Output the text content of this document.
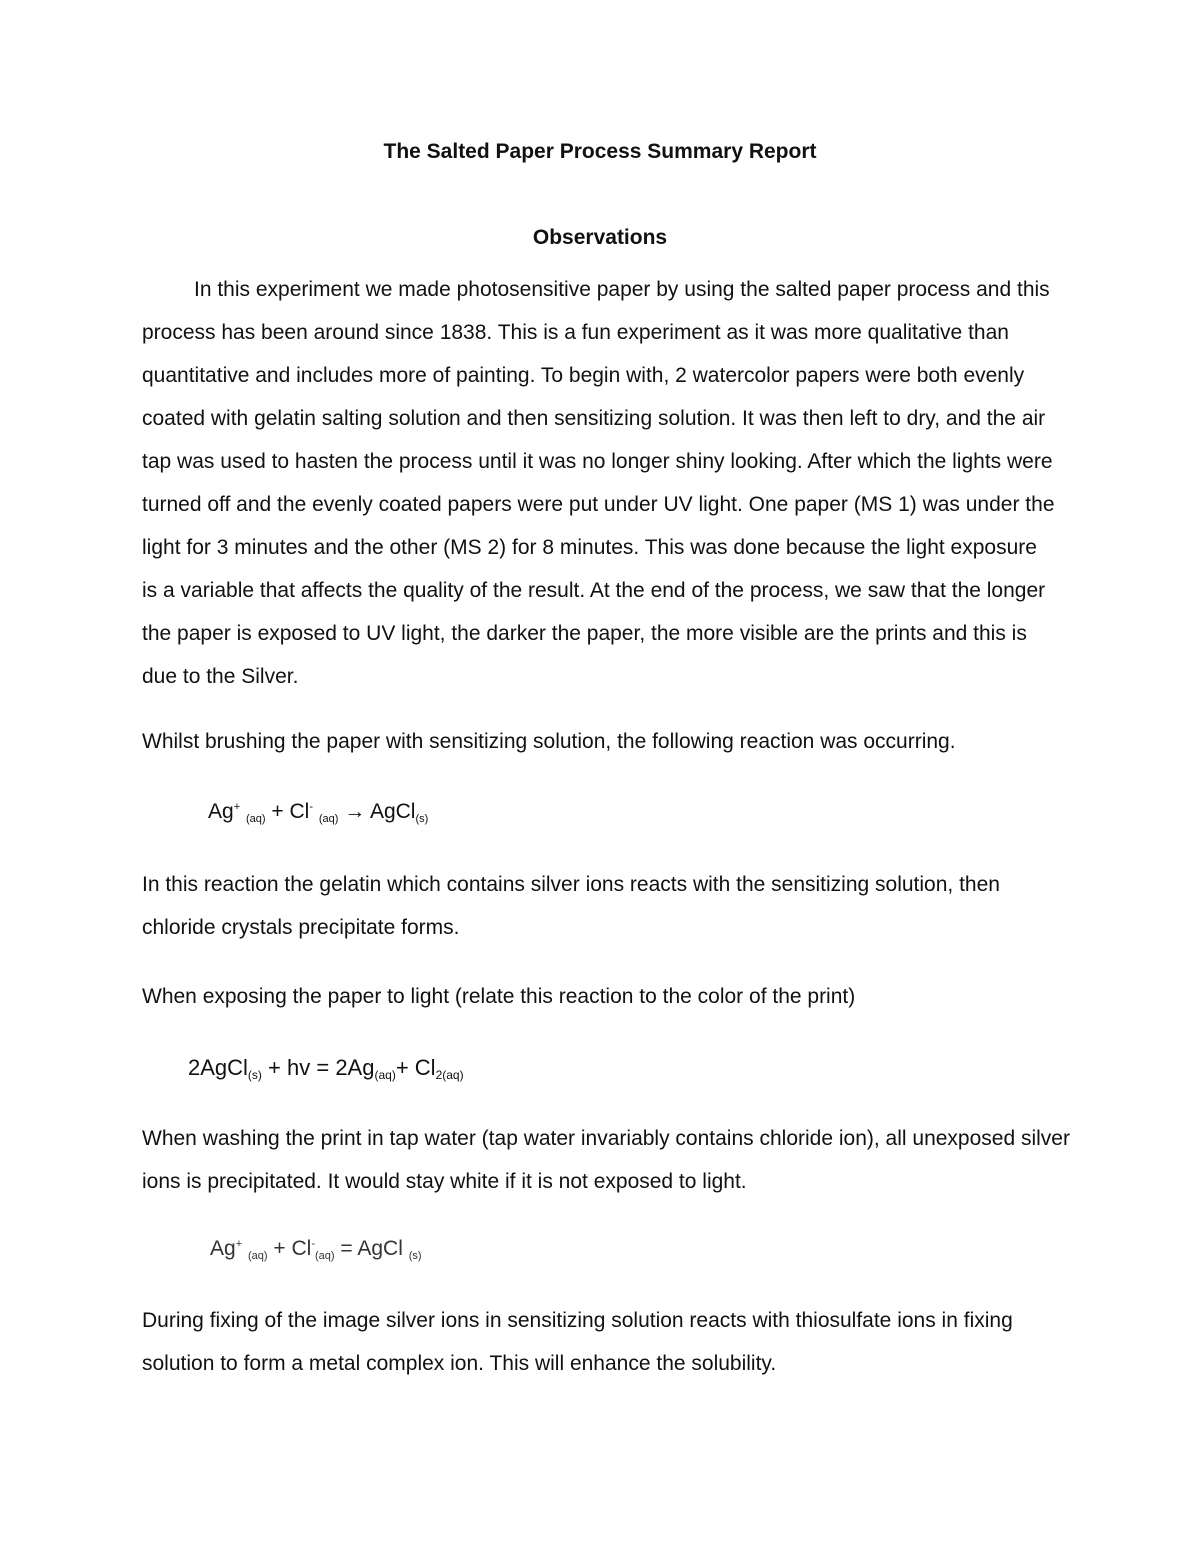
The Salted Paper Process Summary Report
Observations
In this experiment we made photosensitive paper by using the salted paper process and this process has been around since 1838. This is a fun experiment as it was more qualitative than quantitative and includes more of painting. To begin with, 2 watercolor papers were both evenly coated with gelatin salting solution and then sensitizing solution. It was then left to dry, and the air tap was used to hasten the process until it was no longer shiny looking. After which the lights were turned off and the evenly coated papers were put under UV light. One paper (MS 1) was under the light for 3 minutes and the other (MS 2) for 8 minutes. This was done because the light exposure is a variable that affects the quality of the result. At the end of the process, we saw that the longer the paper is exposed to UV light, the darker the paper, the more visible are the prints and this is due to the Silver.
Whilst brushing the paper with sensitizing solution, the following reaction was occurring.
Ag+ $_{(aq)}$ + Cl- $_{(aq)}$ → AgCl$_{(s)}$
In this reaction the gelatin which contains silver ions reacts with the sensitizing solution, then chloride crystals precipitate forms.
When exposing the paper to light (relate this reaction to the color of the print)
2AgCl$_{(s)}$ + hv = $2Ag_{(aq)}+ Cl_{2(aq)}$
When washing the print in tap water (tap water invariably contains chloride ion), all unexposed silver ions is precipitated. It would stay white if it is not exposed to light.
Ag+ $_{(aq)} + Cl^-_{(aq)}$ = AgCl $_{(s)}$
During fixing of the image silver ions in sensitizing solution reacts with thiosulfate ions in fixing solution to form a metal complex ion. This will enhance the solubility.
